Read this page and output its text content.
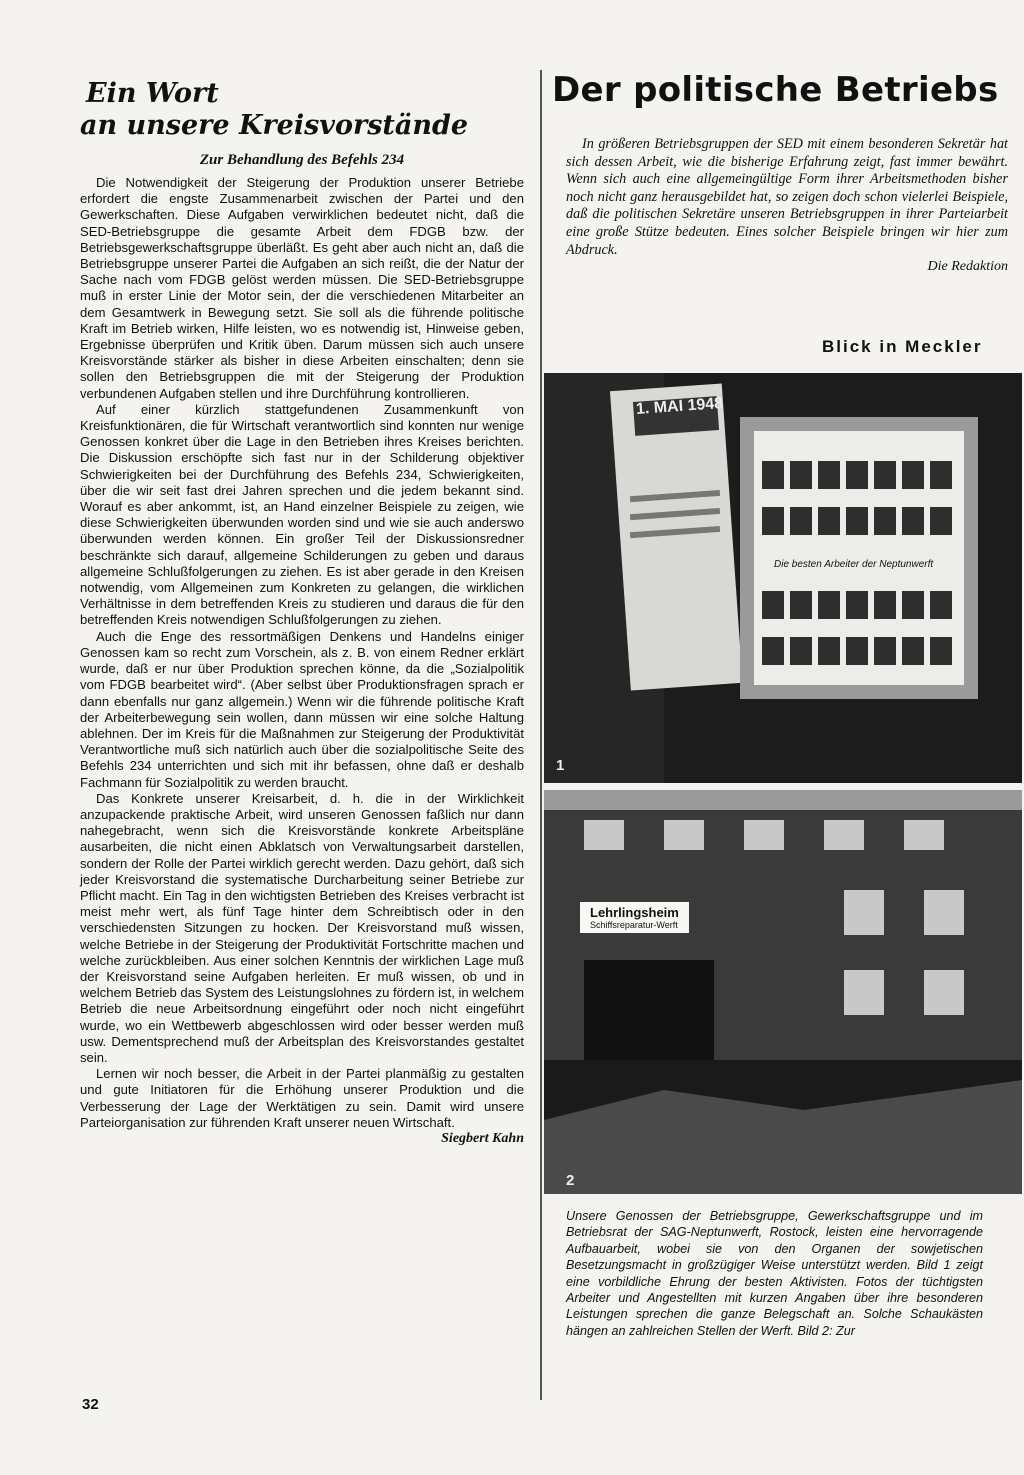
Ein Wort
an unsere Kreisvorstände
Zur Behandlung des Befehls 234

Die Notwendigkeit der Steigerung der Produktion unserer Betriebe erfordert die engste Zusammenarbeit zwischen der Partei und den Gewerkschaften. Diese Aufgaben verwirklichen bedeutet nicht, daß die SED-Betriebsgruppe die gesamte Arbeit dem FDGB bzw. der Betriebsgewerkschaftsgruppe überläßt. Es geht aber auch nicht an, daß die Betriebsgruppe unserer Partei die Aufgaben an sich reißt, die der Natur der Sache nach vom FDGB gelöst werden müssen. Die SED-Betriebsgruppe muß in erster Linie der Motor sein, der die verschiedenen Mitarbeiter an dem Gesamtwerk in Bewegung setzt. Sie soll als die führende politische Kraft im Betrieb wirken, Hilfe leisten, wo es notwendig ist, Hinweise geben, Ergebnisse überprüfen und Kritik üben. Darum müssen sich auch unsere Kreisvorstände stärker als bisher in diese Arbeiten einschalten; denn sie sollen den Betriebsgruppen die mit der Steigerung der Produktion verbundenen Aufgaben stellen und ihre Durchführung kontrollieren.

Auf einer kürzlich stattgefundenen Zusammenkunft von Kreisfunktionären, die für Wirtschaft verantwortlich sind konnten nur wenige Genossen konkret über die Lage in den Betrieben ihres Kreises berichten. Die Diskussion erschöpfte sich fast nur in der Schilderung objektiver Schwierigkeiten bei der Durchführung des Befehls 234, Schwierigkeiten, über die wir seit fast drei Jahren sprechen und die jedem bekannt sind. Worauf es aber ankommt, ist, an Hand einzelner Beispiele zu zeigen, wie diese Schwierigkeiten überwunden worden sind und wie sie auch anderswo überwunden werden können. Ein großer Teil der Diskussionsredner beschränkte sich darauf, allgemeine Schilderungen zu geben und daraus allgemeine Schlußfolgerungen zu ziehen. Es ist aber gerade in den Kreisen notwendig, vom Allgemeinen zum Konkreten zu gelangen, die wirklichen Verhältnisse in dem betreffenden Kreis zu studieren und daraus die für den betreffenden Kreis notwendigen Schlußfolgerungen zu ziehen.

Auch die Enge des ressortmäßigen Denkens und Handelns einiger Genossen kam so recht zum Vorschein, als z. B. von einem Redner erklärt wurde, daß er nur über Produktion sprechen könne, da die „Sozialpolitik vom FDGB bearbeitet wird“. (Aber selbst über Produktionsfragen sprach er dann ebenfalls nur ganz allgemein.) Wenn wir die führende politische Kraft der Arbeiterbewegung sein wollen, dann müssen wir eine solche Haltung ablehnen. Der im Kreis für die Maßnahmen zur Steigerung der Produktivität Verantwortliche muß sich natürlich auch über die sozialpolitische Seite des Befehls 234 unterrichten und sich mit ihr befassen, ohne daß er deshalb Fachmann für Sozialpolitik zu werden braucht.

Das Konkrete unserer Kreisarbeit, d. h. die in der Wirklichkeit anzupackende praktische Arbeit, wird unseren Genossen faßlich nur dann nahegebracht, wenn sich die Kreisvorstände konkrete Arbeitspläne ausarbeiten, die nicht einen Abklatsch von Verwaltungsarbeit darstellen, sondern der Rolle der Partei wirklich gerecht werden. Dazu gehört, daß sich jeder Kreisvorstand die systematische Durcharbeitung seiner Betriebe zur Pflicht macht. Ein Tag in den wichtigsten Betrieben des Kreises verbracht ist meist mehr wert, als fünf Tage hinter dem Schreibtisch oder in den verschiedensten Sitzungen zu hocken. Der Kreisvorstand muß wissen, welche Betriebe in der Steigerung der Produktivität Fortschritte machen und welche zurückbleiben. Aus einer solchen Kenntnis der wirklichen Lage muß der Kreisvorstand seine Aufgaben herleiten. Er muß wissen, ob und in welchem Betrieb das System des Leistungslohnes zu fördern ist, in welchem Betrieb die neue Arbeitsordnung eingeführt oder noch nicht eingeführt wurde, wo ein Wettbewerb abgeschlossen wird oder besser werden muß usw. Dementsprechend muß der Arbeitsplan des Kreisvorstandes gestaltet sein.

Lernen wir noch besser, die Arbeit in der Partei planmäßig zu gestalten und gute Initiatoren für die Erhöhung unserer Produktion und die Verbesserung der Lage der Werktätigen zu sein. Damit wird unsere Parteiorganisation zur führenden Kraft unserer neuen Wirtschaft.

Siegbert Kahn
32
Der politische Betriebs

In größeren Betriebsgruppen der SED mit einem besonderen Sekretär hat sich dessen Arbeit, wie die bisherige Erfahrung zeigt, fast immer bewährt. Wenn sich auch eine allgemeingültige Form ihrer Arbeitsmethoden bisher noch nicht ganz herausgebildet hat, so zeigen doch schon vielerlei Beispiele, daß die politischen Sekretäre unseren Betriebsgruppen in ihrer Parteiarbeit eine große Stütze bedeuten. Eines solcher Beispiele bringen wir hier zum Abdruck.

Die Redaktion
Blick in Meckler
1. MAI 1948
Die besten Arbeiter der Neptunwerft
1
Lehrlingsheim
Schiffsreparatur-Werft
2

Unsere Genossen der Betriebsgruppe, Gewerkschaftsgruppe und im Betriebsrat der SAG-Neptunwerft, Rostock, leisten eine hervorragende Aufbauarbeit, wobei sie von den Organen der sowjetischen Besetzungsmacht in großzügiger Weise unterstützt werden. Bild 1 zeigt eine vorbildliche Ehrung der besten Aktivisten. Fotos der tüchtigsten Arbeiter und Angestellten mit kurzen Angaben über ihre besonderen Leistungen sprechen die ganze Belegschaft an. Solche Schaukästen hängen an zahlreichen Stellen der Werft. Bild 2: Zur
